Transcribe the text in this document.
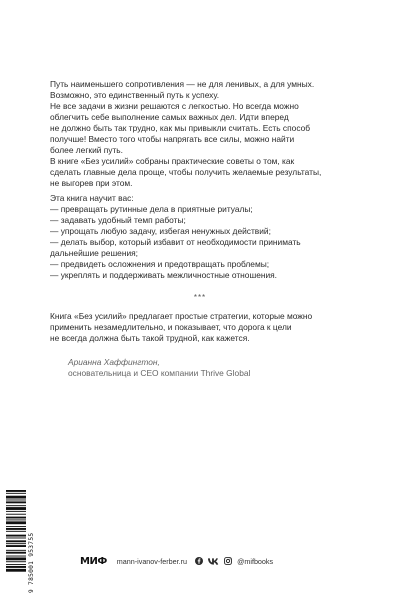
Путь наименьшего сопротивления — не для ленивых, а для умных.

Возможно, это единственный путь к успеху.

Не все задачи в жизни решаются с легкостью. Но всегда можно

облегчить себе выполнение самых важных дел. Идти вперед

не должно быть так трудно, как мы привыкли считать. Есть способ

получше! Вместо того чтобы напрягать все силы, можно найти

более легкий путь.

В книге «Без усилий» собраны практические советы о том, как

сделать главные дела проще, чтобы получить желаемые результаты,

не выгорев при этом.

Эта книга научит вас:

— превращать рутинные дела в приятные ритуалы;
— задавать удобный темп работы;
— упрощать любую задачу, избегая ненужных действий;
— делать выбор, который избавит от необходимости принимать
дальнейшие решения;
— предвидеть осложнения и предотвращать проблемы;
— укреплять и поддерживать межличностные отношения.
***

Книга «Без усилий» предлагает простые стратегии, которые можно

применить незамедлительно, и показывает, что дорога к цели

не всегда должна быть такой трудной, как кажется.

Арианна Хаффингтон,
основательница и СЕО компании Thrive Global
9 785001 953755	МИФ mann-ivanov-ferber.ru	@mifbooks
